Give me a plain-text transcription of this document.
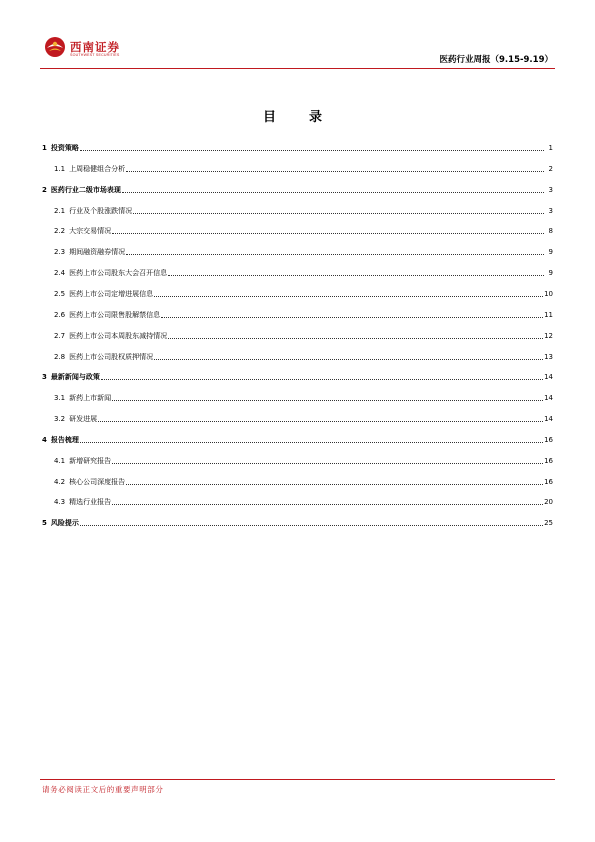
西南证券
SOUTHWEST SECURITIES	医药行业周报（9.15-9.19）
目　录
1 投资策略	1
1.1 上周稳健组合分析	2
2 医药行业二级市场表现	3
2.1 行业及个股涨跌情况	3
2.2 大宗交易情况	8
2.3 期间融资融券情况	9
2.4 医药上市公司股东大会召开信息	9
2.5 医药上市公司定增进展信息	10
2.6 医药上市公司限售股解禁信息	11
2.7 医药上市公司本周股东减持情况	12
2.8 医药上市公司股权质押情况	13
3 最新新闻与政策	14
3.1 新药上市新闻	14
3.2 研发进展	14
4 报告梳理	16
4.1 新增研究报告	16
4.2 核心公司深度报告	16
4.3 精选行业报告	20
5 风险提示	25
请务必阅读正文后的重要声明部分
